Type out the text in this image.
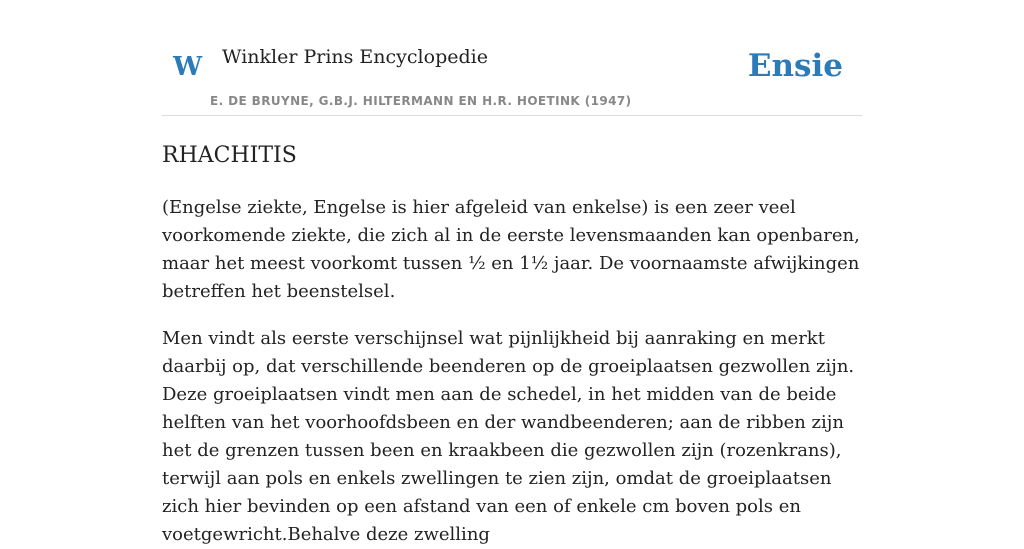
W Winkler Prins Encyclopedie
E. DE BRUYNE, G.B.J. HILTERMANN EN H.R. HOETINK (1947)
Ensie
RHACHITIS

(Engelse ziekte, Engelse is hier afgeleid van enkelse) is een zeer veel voorkomende ziekte, die zich al in de eerste levensmaanden kan openbaren, maar het meest voorkomt tussen ½ en 1½ jaar. De voornaamste afwijkingen betreffen het beenstelsel.

Men vindt als eerste verschijnsel wat pijnlijkheid bij aanraking en merkt daarbij op, dat verschillende beenderen op de groeiplaatsen gezwollen zijn. Deze groeiplaatsen vindt men aan de schedel, in het midden van de beide helften van het voorhoofdsbeen en der wandbeenderen; aan de ribben zijn het de grenzen tussen been en kraakbeen die gezwollen zijn (rozenkrans), terwijl aan pols en enkels zwellingen te zien zijn, omdat de groeiplaatsen zich hier bevinden op een afstand van een of enkele cm boven pols en voetgewricht.Behalve deze zwelling
